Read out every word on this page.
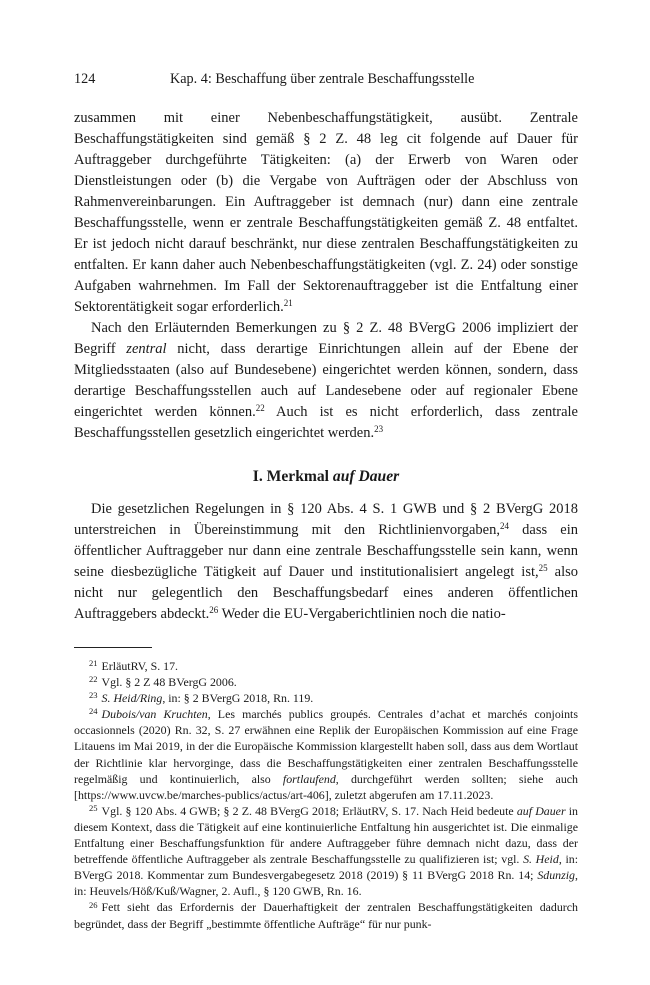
124	Kap. 4: Beschaffung über zentrale Beschaffungsstelle

zusammen mit einer Nebenbeschaffungstätigkeit, ausübt. Zentrale Beschaffungstätigkeiten sind gemäß § 2 Z. 48 leg cit folgende auf Dauer für Auftraggeber durchgeführte Tätigkeiten: (a) der Erwerb von Waren oder Dienstleistungen oder (b) die Vergabe von Aufträgen oder der Abschluss von Rahmenvereinbarungen. Ein Auftraggeber ist demnach (nur) dann eine zentrale Beschaffungsstelle, wenn er zentrale Beschaffungstätigkeiten gemäß Z. 48 entfaltet. Er ist jedoch nicht darauf beschränkt, nur diese zentralen Beschaffungstätigkeiten zu entfalten. Er kann daher auch Nebenbeschaffungstätigkeiten (vgl. Z. 24) oder sonstige Aufgaben wahrnehmen. Im Fall der Sektorenauftraggeber ist die Entfaltung einer Sektorentätigkeit sogar erforderlich.$^{21}$

Nach den Erläuternden Bemerkungen zu § 2 Z. 48 BVergG 2006 impliziert der Begriff zentral nicht, dass derartige Einrichtungen allein auf der Ebene der Mitgliedsstaaten (also auf Bundesebene) eingerichtet werden können, sondern, dass derartige Beschaffungsstellen auch auf Landesebene oder auf regionaler Ebene eingerichtet werden können.$^{22}$ Auch ist es nicht erforderlich, dass zentrale Beschaffungsstellen gesetzlich eingerichtet werden.$^{23}$

I. Merkmal auf Dauer

Die gesetzlichen Regelungen in § 120 Abs. 4 S. 1 GWB und § 2 BVergG 2018 unterstreichen in Übereinstimmung mit den Richtlinienvorgaben,$^{24}$ dass ein öffentlicher Auftraggeber nur dann eine zentrale Beschaffungsstelle sein kann, wenn seine diesbezügliche Tätigkeit auf Dauer und institutionalisiert angelegt ist,$^{25}$ also nicht nur gelegentlich den Beschaffungsbedarf eines anderen öffentlichen Auftraggebers abdeckt.$^{26}$ Weder die EU-Vergaberichtlinien noch die natio-

$^{21}$ ErläutRV, S. 17.

$^{22}$ Vgl. § 2 Z 48 BVergG 2006.

$^{23}$ S. Heid/Ring, in: § 2 BVergG 2018, Rn. 119.

$^{24}$ Dubois/van Kruchten, Les marchés publics groupés. Centrales d’achat et marchés conjoints occasionnels (2020) Rn. 32, S. 27 erwähnen eine Replik der Europäischen Kommission auf eine Frage Litauens im Mai 2019, in der die Europäische Kommission klargestellt haben soll, dass aus dem Wortlaut der Richtlinie klar hervorginge, dass die Beschaffungstätigkeiten einer zentralen Beschaffungsstelle regelmäßig und kontinuierlich, also fortlaufend, durchgeführt werden sollten; siehe auch [https://www.uvcw.be/marches-publics/actus/art-406], zuletzt abgerufen am 17.11.2023.

$^{25}$ Vgl. § 120 Abs. 4 GWB; § 2 Z. 48 BVergG 2018; ErläutRV, S. 17. Nach Heid bedeute auf Dauer in diesem Kontext, dass die Tätigkeit auf eine kontinuierliche Entfaltung hin ausgerichtet ist. Die einmalige Entfaltung einer Beschaffungsfunktion für andere Auftraggeber führe demnach nicht dazu, dass der betreffende öffentliche Auftraggeber als zentrale Beschaffungsstelle zu qualifizieren ist; vgl. S. Heid, in: BVergG 2018. Kommentar zum Bundesvergabegesetz 2018 (2019) § 11 BVergG 2018 Rn. 14; Sdunzig, in: Heuvels/Höß/Kuß/Wagner, 2. Aufl., § 120 GWB, Rn. 16.

$^{26}$ Fett sieht das Erfordernis der Dauerhaftigkeit der zentralen Beschaffungstätigkeiten dadurch begründet, dass der Begriff „bestimmte öffentliche Aufträge“ für nur punk-
